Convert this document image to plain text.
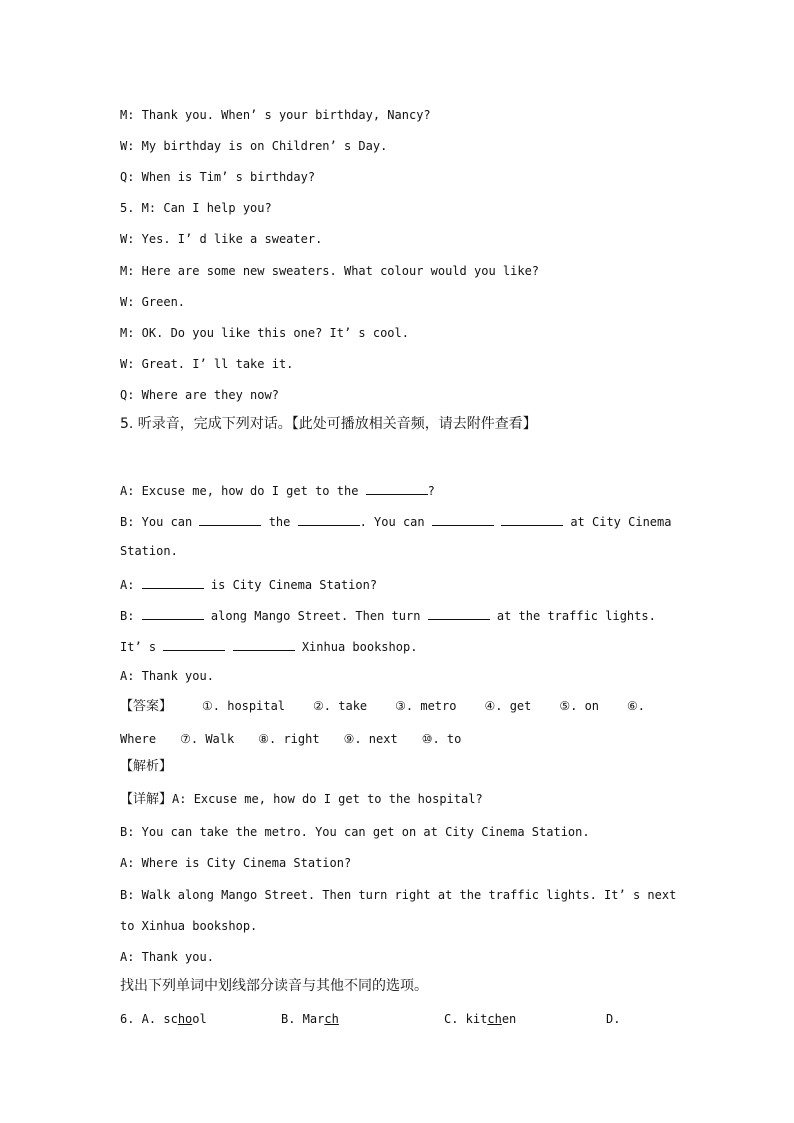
M: Thank you. When’ s your birthday, Nancy?

W: My birthday is on Children’ s Day.

Q: When is Tim’ s birthday?

5. M: Can I help you?

W: Yes. I’ d like a sweater.

M: Here are some new sweaters. What colour would you like?

W: Green.

M: OK. Do you like this one? It’ s cool.

W: Great. I’ ll take it.

Q: Where are they now?

5. 听录音，完成下列对话。【此处可播放相关音频，请去附件查看】

A: Excuse me, how do I get to the	?

B: You can	the	. You can	at City Cinema

Station.

A:	is City Cinema Station?

B:	along Mango Street. Then turn	at the traffic lights.

It’ s	Xinhua bookshop.

A: Thank you.

【答案】	①. hospital ②. take ③. metro ④. get ⑤. on ⑥.

Where ⑦. Walk ⑧. right ⑨. next ⑩. to

【解析】

【详解】A: Excuse me, how do I get to the hospital?

B: You can take the metro. You can get on at City Cinema Station.

A: Where is City Cinema Station?

B: Walk along Mango Street. Then turn right at the traffic lights. It’ s next

to Xinhua bookshop.

A: Thank you.

找出下列单词中划线部分读音与其他不同的选项。

6. A. school	B. March	C. kitchen	D.
